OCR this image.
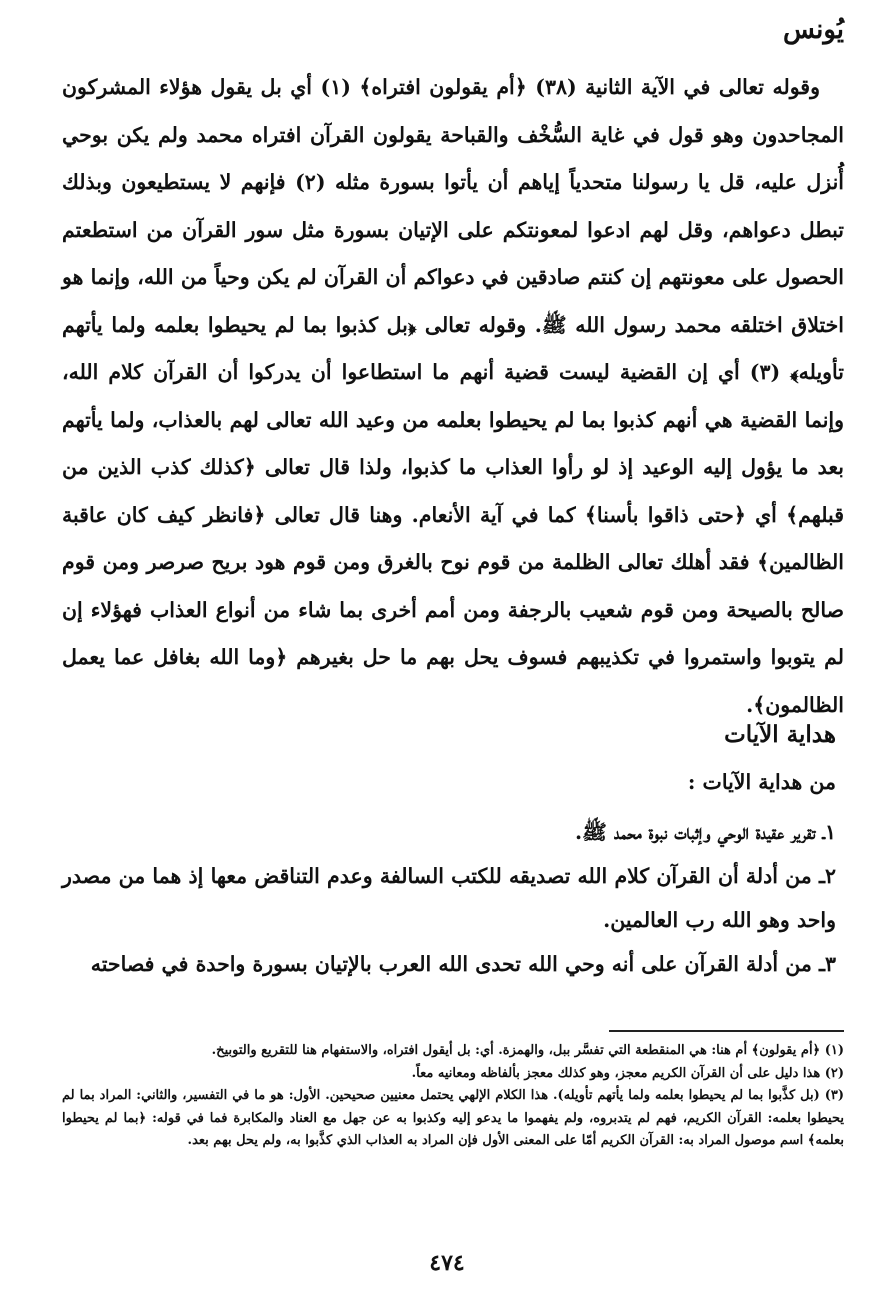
يُونس

وقوله تعالى في الآية الثانية (٣٨) ﴿أم يقولون افتراه﴾ (١) أي بل يقول هؤلاء المشركون المجاحدون وهو قول في غاية السُّخْف والقباحة يقولون القرآن افتراه محمد ولم يكن بوحي أُنزل عليه، قل يا رسولنا متحدياً إياهم أن يأتوا بسورة مثله (٢) فإنهم لا يستطيعون وبذلك تبطل دعواهم، وقل لهم ادعوا لمعونتكم على الإتيان بسورة مثل سور القرآن من استطعتم الحصول على معونتهم إن كنتم صادقين في دعواكم أن القرآن لم يكن وحياً من الله، وإنما هو اختلاق اختلقه محمد رسول الله ﷺ. وقوله تعالى ﴿بل كذبوا بما لم يحيطوا بعلمه ولما يأتهم تأويله﴾ (٣) أي إن القضية ليست قضية أنهم ما استطاعوا أن يدركوا أن القرآن كلام الله، وإنما القضية هي أنهم كذبوا بما لم يحيطوا بعلمه من وعيد الله تعالى لهم بالعذاب، ولما يأتهم بعد ما يؤول إليه الوعيد إذ لو رأوا العذاب ما كذبوا، ولذا قال تعالى ﴿كذلك كذب الذين من قبلهم﴾ أي ﴿حتى ذاقوا بأسنا﴾ كما في آية الأنعام. وهنا قال تعالى ﴿فانظر كيف كان عاقبة الظالمين﴾ فقد أهلك تعالى الظلمة من قوم نوح بالغرق ومن قوم هود بريح صرصر ومن قوم صالح بالصيحة ومن قوم شعيب بالرجفة ومن أمم أخرى بما شاء من أنواع العذاب فهؤلاء إن لم يتوبوا واستمروا في تكذيبهم فسوف يحل بهم ما حل بغيرهم ﴿وما الله بغافل عما يعمل الظالمون﴾.

هداية الآيات
من هداية الآيات :

١ـ تقرير عقيدة الوحي وإثبات نبوة محمد ﷺ.

٢ـ من أدلة أن القرآن كلام الله تصديقه للكتب السالفة وعدم التناقض معها إذ هما من مصدر واحد وهو الله رب العالمين.

٣ـ من أدلة القرآن على أنه وحي الله تحدى الله العرب بالإتيان بسورة واحدة في فصاحته

(١) ﴿أم يقولون﴾ أم هنا: هي المنقطعة التي تفسَّر ببل، والهمزة. أي: بل أيقول افتراه، والاستفهام هنا للتقريع والتوبيخ.

(٢) هذا دليل على أن القرآن الكريم معجز، وهو كذلك معجز بألفاظه ومعانيه معاً.

(٣) (بل كذَّبوا بما لم يحيطوا بعلمه ولما يأتهم تأويله). هذا الكلام الإلهي يحتمل معنيين صحيحين. الأول: هو ما في التفسير، والثاني: المراد بما لم يحيطوا بعلمه: القرآن الكريم، فهم لم يتدبروه، ولم يفهموا ما يدعو إليه وكذبوا به عن جهل مع العناد والمكابرة فما في قوله: ﴿بما لم يحيطوا بعلمه﴾ اسم موصول المراد به: القرآن الكريم أمّا على المعنى الأول فإن المراد به العذاب الذي كذَّبوا به، ولم يحل بهم بعد.

٤٧٤
